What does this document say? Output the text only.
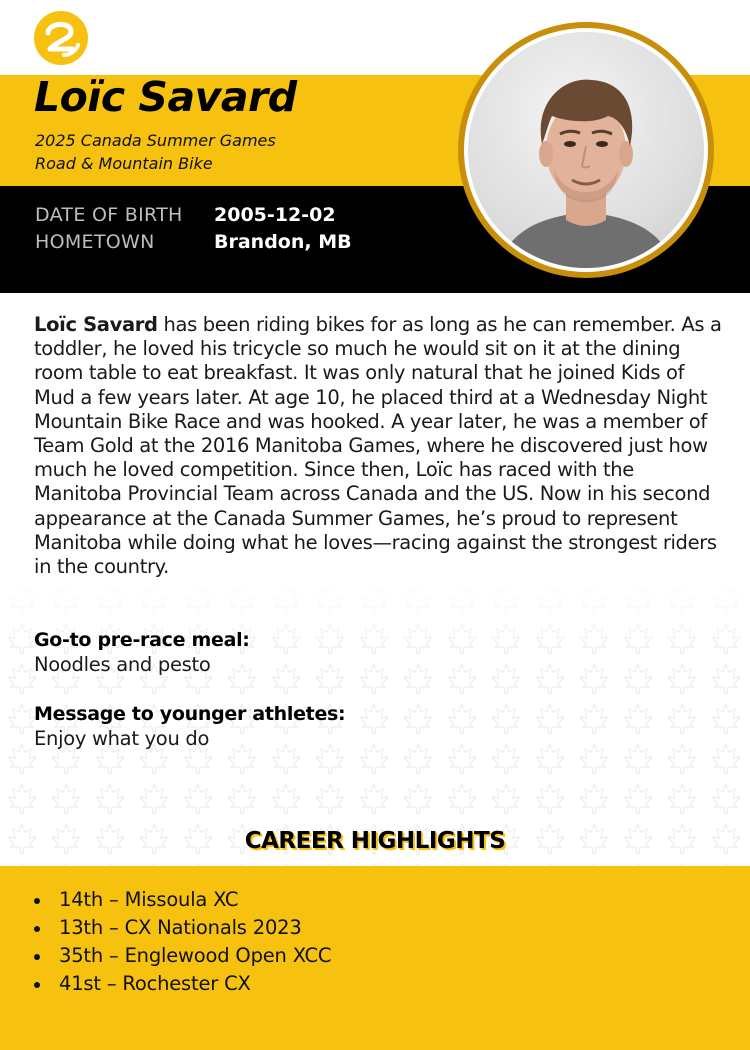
Loïc Savard
2025 Canada Summer Games
Road & Mountain Bike
DATE OF BIRTH 2005-12-02
HOMETOWN	Brandon, MB

Loïc Savard has been riding bikes for as long as he can remember. As a toddler, he loved his tricycle so much he would sit on it at the dining room table to eat breakfast. It was only natural that he joined Kids of Mud a few years later. At age 10, he placed third at a Wednesday Night Mountain Bike Race and was hooked. A year later, he was a member of Team Gold at the 2016 Manitoba Games, where he discovered just how much he loved competition. Since then, Loïc has raced with the Manitoba Provincial Team across Canada and the US. Now in his second appearance at the Canada Summer Games, he’s proud to represent Manitoba while doing what he loves—racing against the strongest riders in the country.

Go-to pre-race meal:
Noodles and pesto
Message to younger athletes:
Enjoy what you do
CAREER HIGHLIGHTS
14th – Missoula XC
13th – CX Nationals 2023
35th – Englewood Open XCC
41st – Rochester CX
